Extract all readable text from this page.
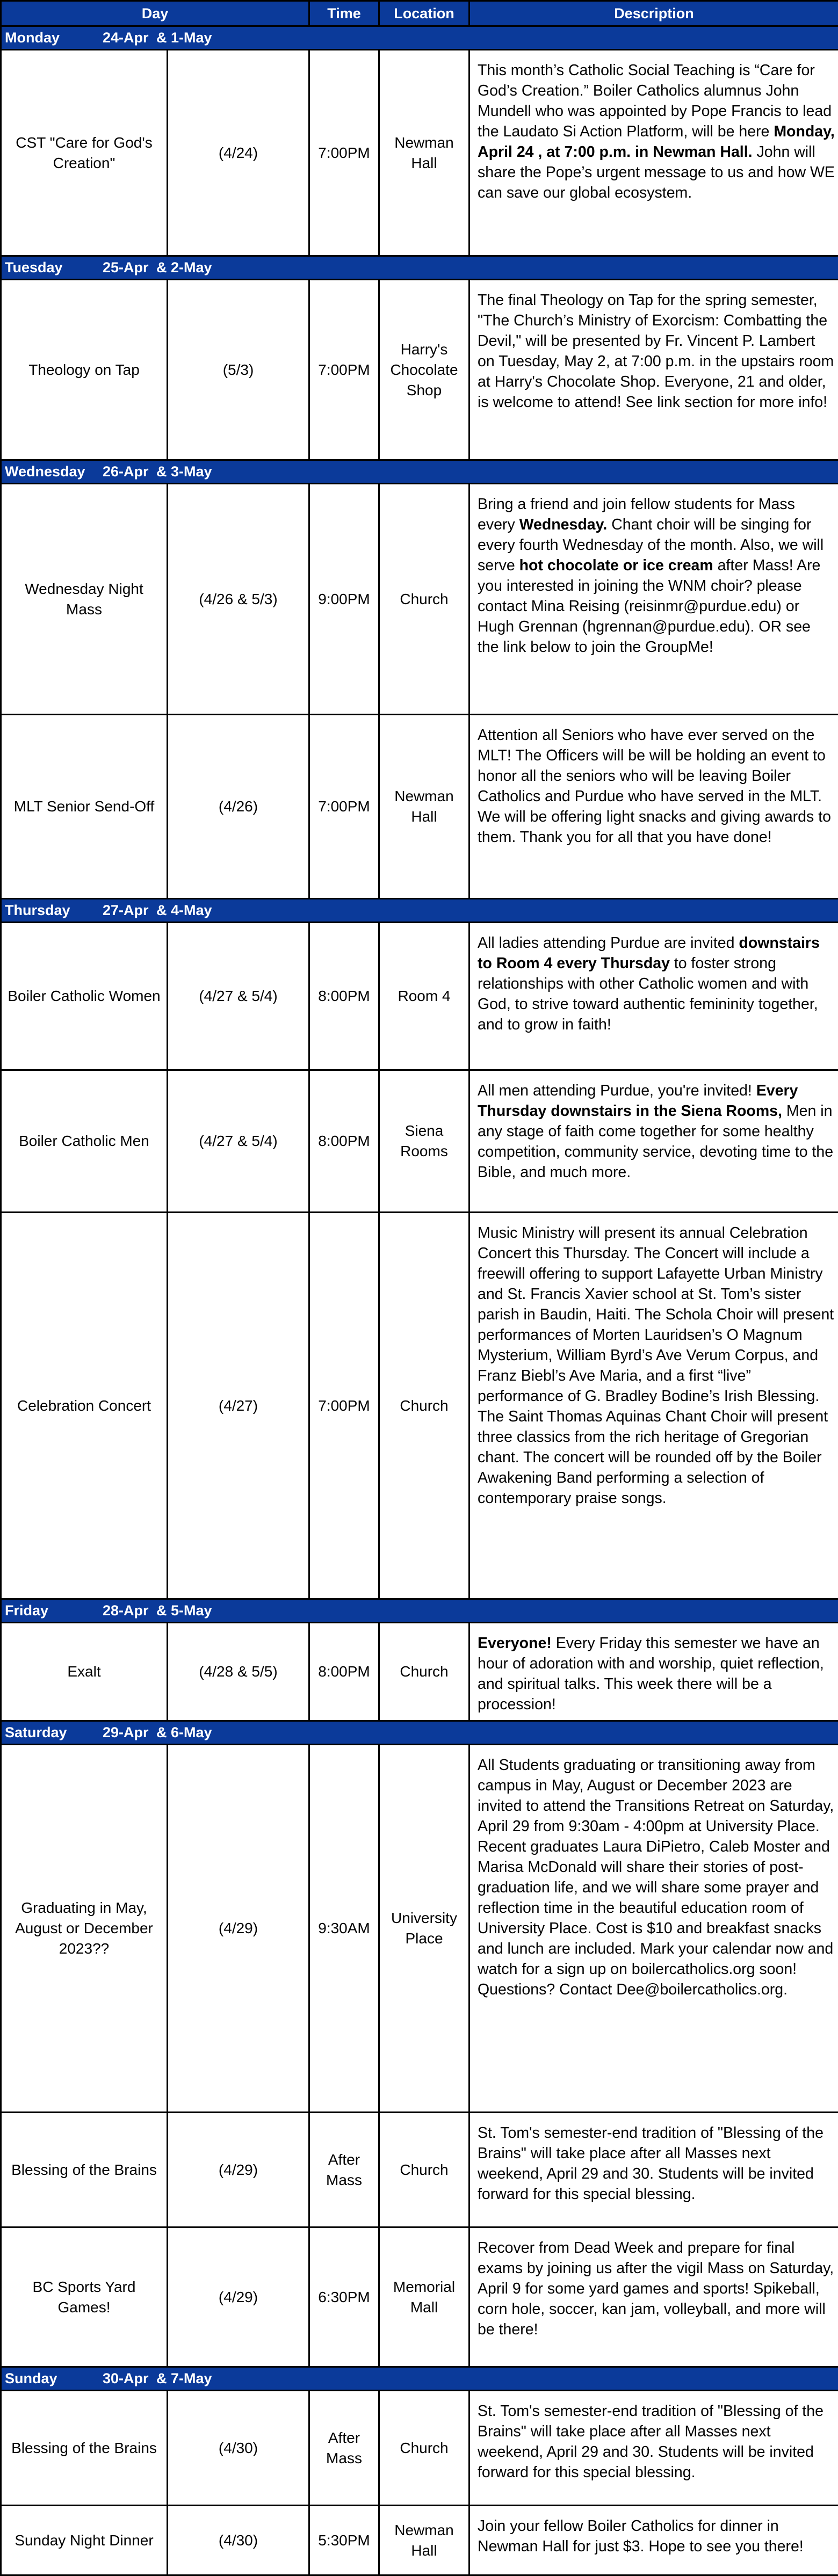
Day		Time	Location	Description
Monday 24-Apr & 1-May				
CST "Care for God's Creation"	(4/24)	7:00PM	Newman Hall	This month’s Catholic Social Teaching is “Care for God’s Creation.” Boiler Catholics alumnus John Mundell who was appointed by Pope Francis to lead the Laudato Si Action Platform, will be here Monday, April 24 , at 7:00 p.m. in Newman Hall. John will share the Pope’s urgent message to us and how WE can save our global ecosystem.
Tuesday 25-Apr & 2-May				
Theology on Tap	(5/3)	7:00PM	Harry's Chocolate Shop	The final Theology on Tap for the spring semester, "The Church’s Ministry of Exorcism: Combatting the Devil," will be presented by Fr. Vincent P. Lambert on Tuesday, May 2, at 7:00 p.m. in the upstairs room at Harry's Chocolate Shop. Everyone, 21 and older, is welcome to attend! See link section for more info!
Wednesday 26-Apr & 3-May				
Wednesday Night Mass	(4/26 & 5/3)	9:00PM	Church	Bring a friend and join fellow students for Mass every Wednesday. Chant choir will be singing for every fourth Wednesday of the month. Also, we will serve hot chocolate or ice cream after Mass! Are you interested in joining the WNM choir? please contact Mina Reising (reisinmr@purdue.edu) or Hugh Grennan (hgrennan@purdue.edu). OR see the link below to join the GroupMe!
MLT Senior Send-Off	(4/26)	7:00PM	Newman Hall	Attention all Seniors who have ever served on the MLT! The Officers will be will be holding an event to honor all the seniors who will be leaving Boiler Catholics and Purdue who have served in the MLT. We will be offering light snacks and giving awards to them. Thank you for all that you have done!
Thursday 27-Apr & 4-May				
Boiler Catholic Women	(4/27 & 5/4)	8:00PM	Room 4	All ladies attending Purdue are invited downstairs to Room 4 every Thursday to foster strong relationships with other Catholic women and with God, to strive toward authentic femininity together, and to grow in faith!
Boiler Catholic Men	(4/27 & 5/4)	8:00PM	Siena Rooms	All men attending Purdue, you're invited! Every Thursday downstairs in the Siena Rooms, Men in any stage of faith come together for some healthy competition, community service, devoting time to the Bible, and much more.
Celebration Concert	(4/27)	7:00PM	Church	Music Ministry will present its annual Celebration Concert this Thursday. The Concert will include a freewill offering to support Lafayette Urban Ministry and St. Francis Xavier school at St. Tom’s sister parish in Baudin, Haiti. The Schola Choir will present performances of Morten Lauridsen’s O Magnum Mysterium, William Byrd’s Ave Verum Corpus, and Franz Biebl’s Ave Maria, and a first “live” performance of G. Bradley Bodine’s Irish Blessing. The Saint Thomas Aquinas Chant Choir will present three classics from the rich heritage of Gregorian chant. The concert will be rounded off by the Boiler Awakening Band performing a selection of contemporary praise songs.
Friday 28-Apr & 5-May				
Exalt	(4/28 & 5/5)	8:00PM	Church	Everyone! Every Friday this semester we have an hour of adoration with and worship, quiet reflection, and spiritual talks. This week there will be a procession!
Saturday 29-Apr & 6-May				
Graduating in May, August or December 2023??	(4/29)	9:30AM	University Place	All Students graduating or transitioning away from campus in May, August or December 2023 are invited to attend the Transitions Retreat on Saturday, April 29 from 9:30am - 4:00pm at University Place. Recent graduates Laura DiPietro, Caleb Moster and Marisa McDonald will share their stories of post-graduation life, and we will share some prayer and reflection time in the beautiful education room of University Place. Cost is $10 and breakfast snacks and lunch are included. Mark your calendar now and watch for a sign up on boilercatholics.org soon! Questions? Contact Dee@boilercatholics.org.
Blessing of the Brains	(4/29)	After Mass	Church	St. Tom's semester-end tradition of "Blessing of the Brains" will take place after all Masses next weekend, April 29 and 30. Students will be invited forward for this special blessing.
BC Sports Yard Games!	(4/29)	6:30PM	Memorial Mall	Recover from Dead Week and prepare for final exams by joining us after the vigil Mass on Saturday, April 9 for some yard games and sports! Spikeball, corn hole, soccer, kan jam, volleyball, and more will be there!
Sunday 30-Apr & 7-May				
Blessing of the Brains	(4/30)	After Mass	Church	St. Tom's semester-end tradition of "Blessing of the Brains" will take place after all Masses next weekend, April 29 and 30. Students will be invited forward for this special blessing.
Sunday Night Dinner	(4/30)	5:30PM	Newman Hall	Join your fellow Boiler Catholics for dinner in Newman Hall for just $3. Hope to see you there!
